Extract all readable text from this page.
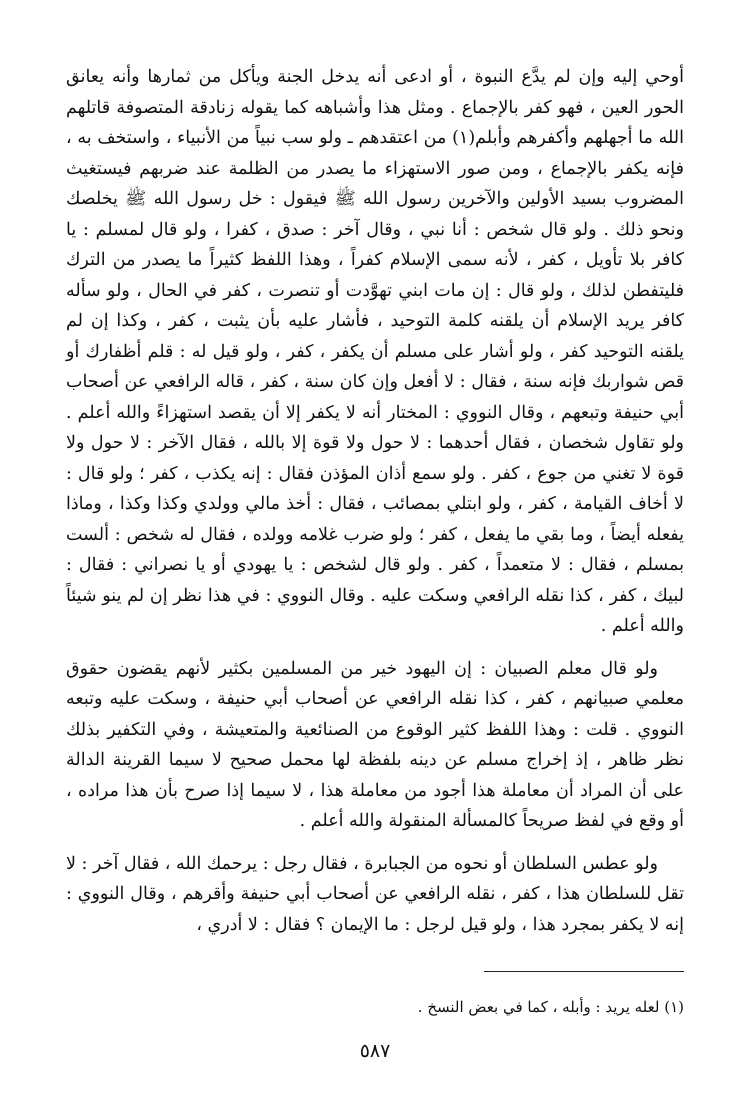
أوحي إليه وإن لم يدَّع النبوة ، أو ادعى أنه يدخل الجنة ويأكل من ثمارها وأنه يعانق الحور العين ، فهو كفر بالإجماع . ومثل هذا وأشباهه كما يقوله زنادقة المتصوفة قاتلهم الله ما أجهلهم وأكفرهم وأبلم(١) من اعتقدهم ـ ولو سب نبياً من الأنبياء ، واستخف به ، فإنه يكفر بالإجماع ، ومن صور الاستهزاء ما يصدر من الظلمة عند ضربهم فيستغيث المضروب بسيد الأولين والآخرين رسول الله ﷺ فيقول : خل رسول الله ﷺ يخلصك ونحو ذلك . ولو قال شخص : أنا نبي ، وقال آخر : صدق ، كفرا ، ولو قال لمسلم : يا كافر بلا تأويل ، كفر ، لأنه سمى الإسلام كفراً ، وهذا اللفظ كثيراً ما يصدر من الترك فليتفطن لذلك ، ولو قال : إن مات ابني تهوَّدت أو تنصرت ، كفر في الحال ، ولو سأله كافر يريد الإسلام أن يلقنه كلمة التوحيد ، فأشار عليه بأن يثبت ، كفر ، وكذا إن لم يلقنه التوحيد كفر ، ولو أشار على مسلم أن يكفر ، كفر ، ولو قيل له : قلم أظفارك أو قص شواربك فإنه سنة ، فقال : لا أفعل وإن كان سنة ، كفر ، قاله الرافعي عن أصحاب أبي حنيفة وتبعهم ، وقال النووي : المختار أنه لا يكفر إلا أن يقصد استهزاءً والله أعلم . ولو تقاول شخصان ، فقال أحدهما : لا حول ولا قوة إلا بالله ، فقال الآخر : لا حول ولا قوة لا تغني من جوع ، كفر . ولو سمع أذان المؤذن فقال : إنه يكذب ، كفر ؛ ولو قال : لا أخاف القيامة ، كفر ، ولو ابتلي بمصائب ، فقال : أخذ مالي وولدي وكذا وكذا ، وماذا يفعله أيضاً ، وما بقي ما يفعل ، كفر ؛ ولو ضرب غلامه وولده ، فقال له شخص : ألست بمسلم ، فقال : لا متعمداً ، كفر . ولو قال لشخص : يا يهودي أو يا نصراني : فقال : لبيك ، كفر ، كذا نقله الرافعي وسكت عليه . وقال النووي : في هذا نظر إن لم ينو شيئاً والله أعلم .

ولو قال معلم الصبيان : إن اليهود خير من المسلمين بكثير لأنهم يقضون حقوق معلمي صبيانهم ، كفر ، كذا نقله الرافعي عن أصحاب أبي حنيفة ، وسكت عليه وتبعه النووي . قلت : وهذا اللفظ كثير الوقوع من الصنائعية والمتعيشة ، وفي التكفير بذلك نظر ظاهر ، إذ إخراج مسلم عن دينه بلفظة لها محمل صحيح لا سيما القرينة الدالة على أن المراد أن معاملة هذا أجود من معاملة هذا ، لا سيما إذا صرح بأن هذا مراده ، أو وقع في لفظ صريحاً كالمسألة المنقولة والله أعلم .

ولو عطس السلطان أو نحوه من الجبابرة ، فقال رجل : يرحمك الله ، فقال آخر : لا تقل للسلطان هذا ، كفر ، نقله الرافعي عن أصحاب أبي حنيفة وأقرهم ، وقال النووي : إنه لا يكفر بمجرد هذا ، ولو قيل لرجل : ما الإيمان ؟ فقال : لا أدري ،

(١) لعله يريد : وأبله ، كما في بعض النسخ .
٥٨٧
